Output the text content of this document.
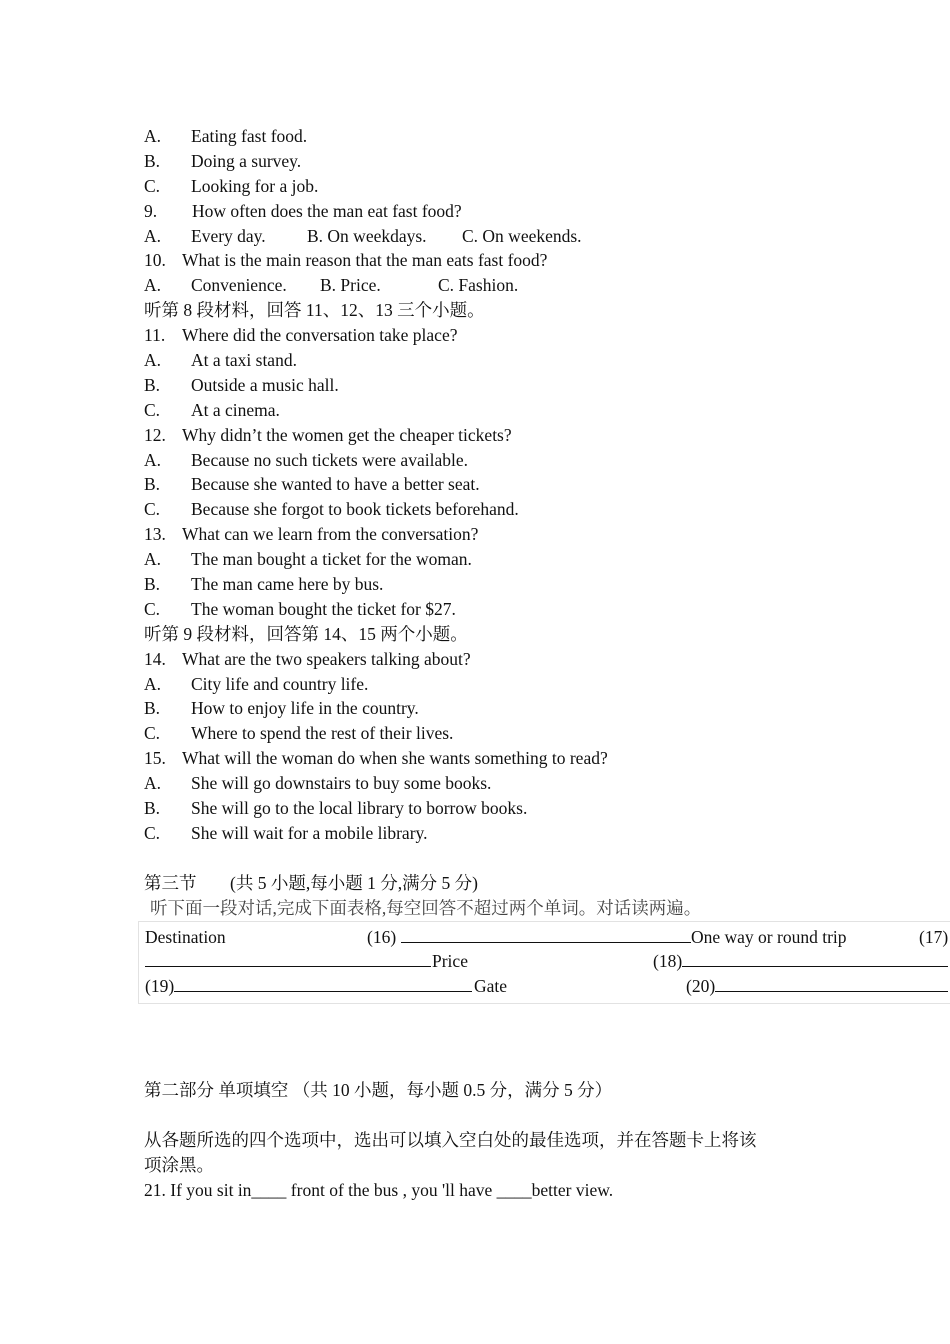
A. Eating fast food.
B. Doing a survey.
C. Looking for a job.
9. How often does the man eat fast food?
A. Every day. B. On weekdays. C. On weekends.
10. What is the main reason that the man eats fast food?
A. Convenience. B. Price.	C. Fashion.
听第 8 段材料，回答 11、12、13 三个小题。
11. Where did the conversation take place?
A. At a taxi stand.
B. Outside a music hall.
C. At a cinema.
12. Why didn’t the women get the cheaper tickets?
A. Because no such tickets were available.
B. Because she wanted to have a better seat.
C. Because she forgot to book tickets beforehand.
13. What can we learn from the conversation?
A. The man bought a ticket for the woman.
B. The man came here by bus.
C. The woman bought the ticket for $27.
听第 9 段材料，回答第 14、15 两个小题。
14. What are the two speakers talking about?
A. City life and country life.
B. How to enjoy life in the country.
C. Where to spend the rest of their lives.
15. What will the woman do when she wants something to read?
A. She will go downstairs to buy some books.
B. She will go to the local library to borrow books.
C. She will wait for a mobile library.
第三节 (共 5 小题,每小题 1 分,满分 5 分)
听下面一段对话,完成下面表格,每空回答不超过两个单词。对话读两遍。
Destination	(16)	One way or round trip	(17)
Price	(18)
(19)	Gate	(20)
第二部分 单项填空 （共 10 小题，每小题 0.5 分，满分 5 分）
从各题所选的四个选项中，选出可以填入空白处的最佳选项，并在答题卡上将该
项涂黑。
21. If you sit in____ front of the bus , you 'll have ____better view.
